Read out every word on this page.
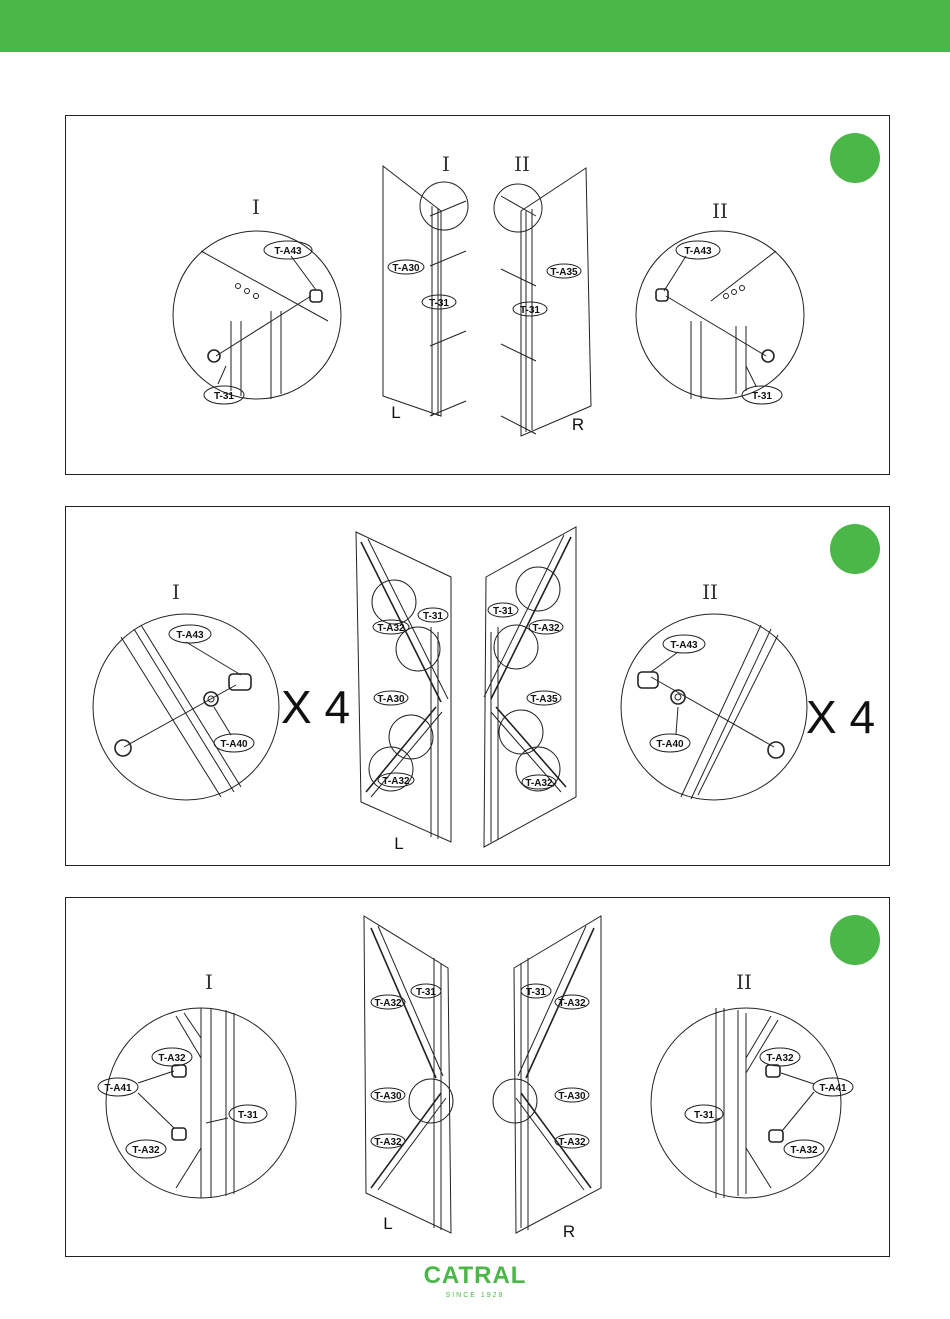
I
T-A43
T-31
I
T-A30
T-31
L
II
T-A35
T-31
R
II
T-A43
T-31
I
T-A43
T-A40
X 4
T-31
T-A32
T-A30
T-A32
L
T-31
T-A32
T-A35
T-A32
II
T-A43
T-A40
X 4
I
T-A32
T-A41
T-A32
T-31
T-31
T-A32
T-A30
T-A32
L
T-31
T-A32
T-A30
T-A32
R
II
T-A32
T-A41
T-A32
T-31
CATRAL
SINCE 1928
